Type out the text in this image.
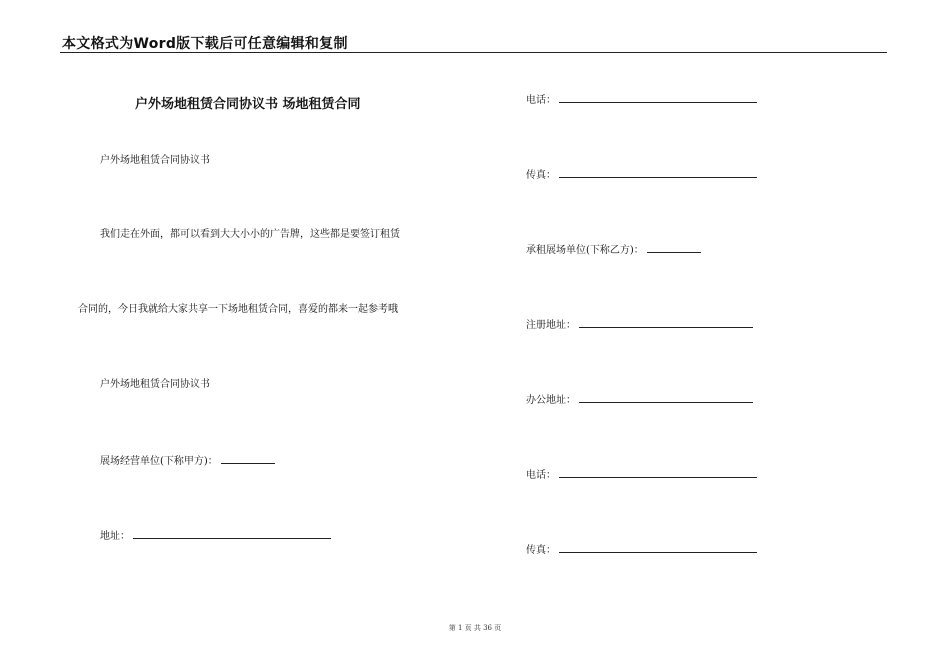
本文格式为Word版下载后可任意编辑和复制
户外场地租赁合同协议书 场地租赁合同
户外场地租赁合同协议书
我们走在外面，都可以看到大大小小的广告牌，这些都是要签订租赁
合同的，今日我就给大家共享一下场地租赁合同，喜爱的都来一起参考哦
户外场地租赁合同协议书
展场经营单位(下称甲方)：
地址：
电话：
传真：
承租展场单位(下称乙方)：
注册地址：
办公地址：
电话：
传真：
第 1 页 共 36 页
